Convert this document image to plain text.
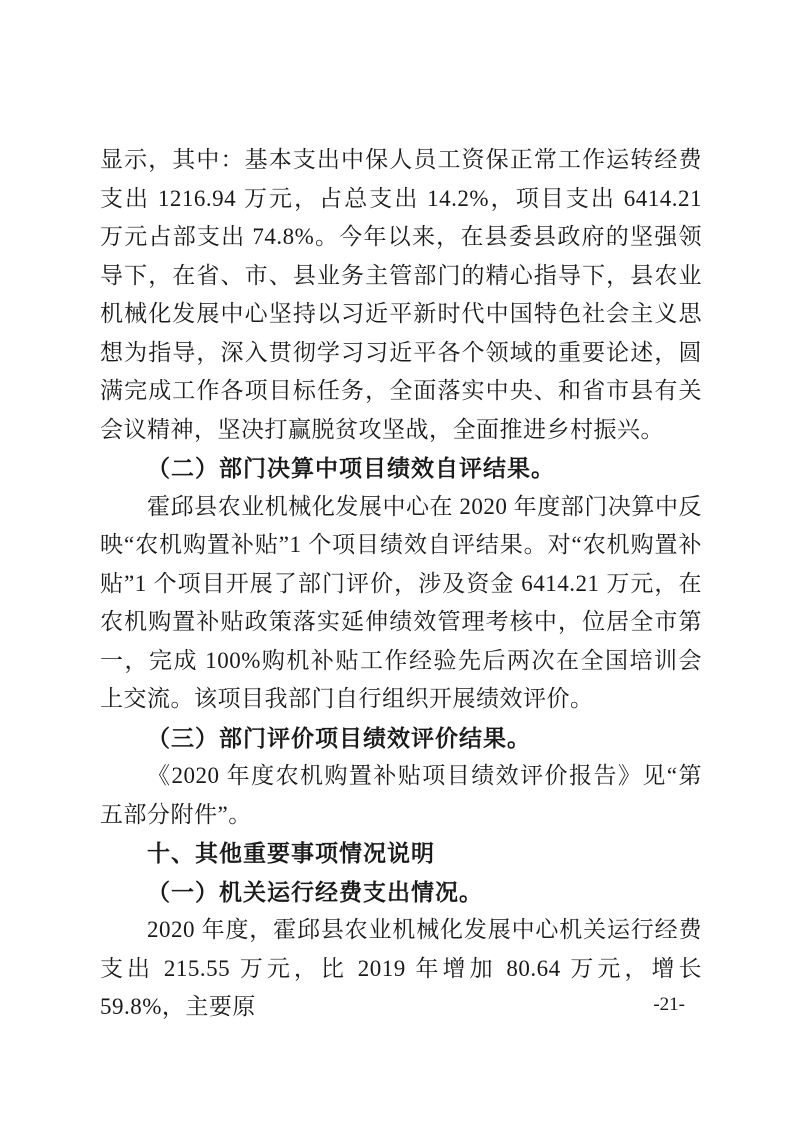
显示，其中：基本支出中保人员工资保正常工作运转经费支出 1216.94 万元，占总支出 14.2%，项目支出 6414.21 万元占部支出 74.8%。今年以来，在县委县政府的坚强领导下，在省、市、县业务主管部门的精心指导下，县农业机械化发展中心坚持以习近平新时代中国特色社会主义思想为指导，深入贯彻学习习近平各个领域的重要论述，圆满完成工作各项目标任务，全面落实中央、和省市县有关会议精神，坚决打赢脱贫攻坚战，全面推进乡村振兴。
（二）部门决算中项目绩效自评结果。
霍邱县农业机械化发展中心在 2020 年度部门决算中反映“农机购置补贴”1 个项目绩效自评结果。对“农机购置补贴”1 个项目开展了部门评价，涉及资金 6414.21 万元，在农机购置补贴政策落实延伸绩效管理考核中，位居全市第一，完成 100%购机补贴工作经验先后两次在全国培训会上交流。该项目我部门自行组织开展绩效评价。
（三）部门评价项目绩效评价结果。
《2020 年度农机购置补贴项目绩效评价报告》见“第五部分附件”。
十、其他重要事项情况说明
（一）机关运行经费支出情况。
2020 年度，霍邱县农业机械化发展中心机关运行经费支出 215.55 万元，比 2019 年增加 80.64 万元，增长 59.8%，主要原	-21-
